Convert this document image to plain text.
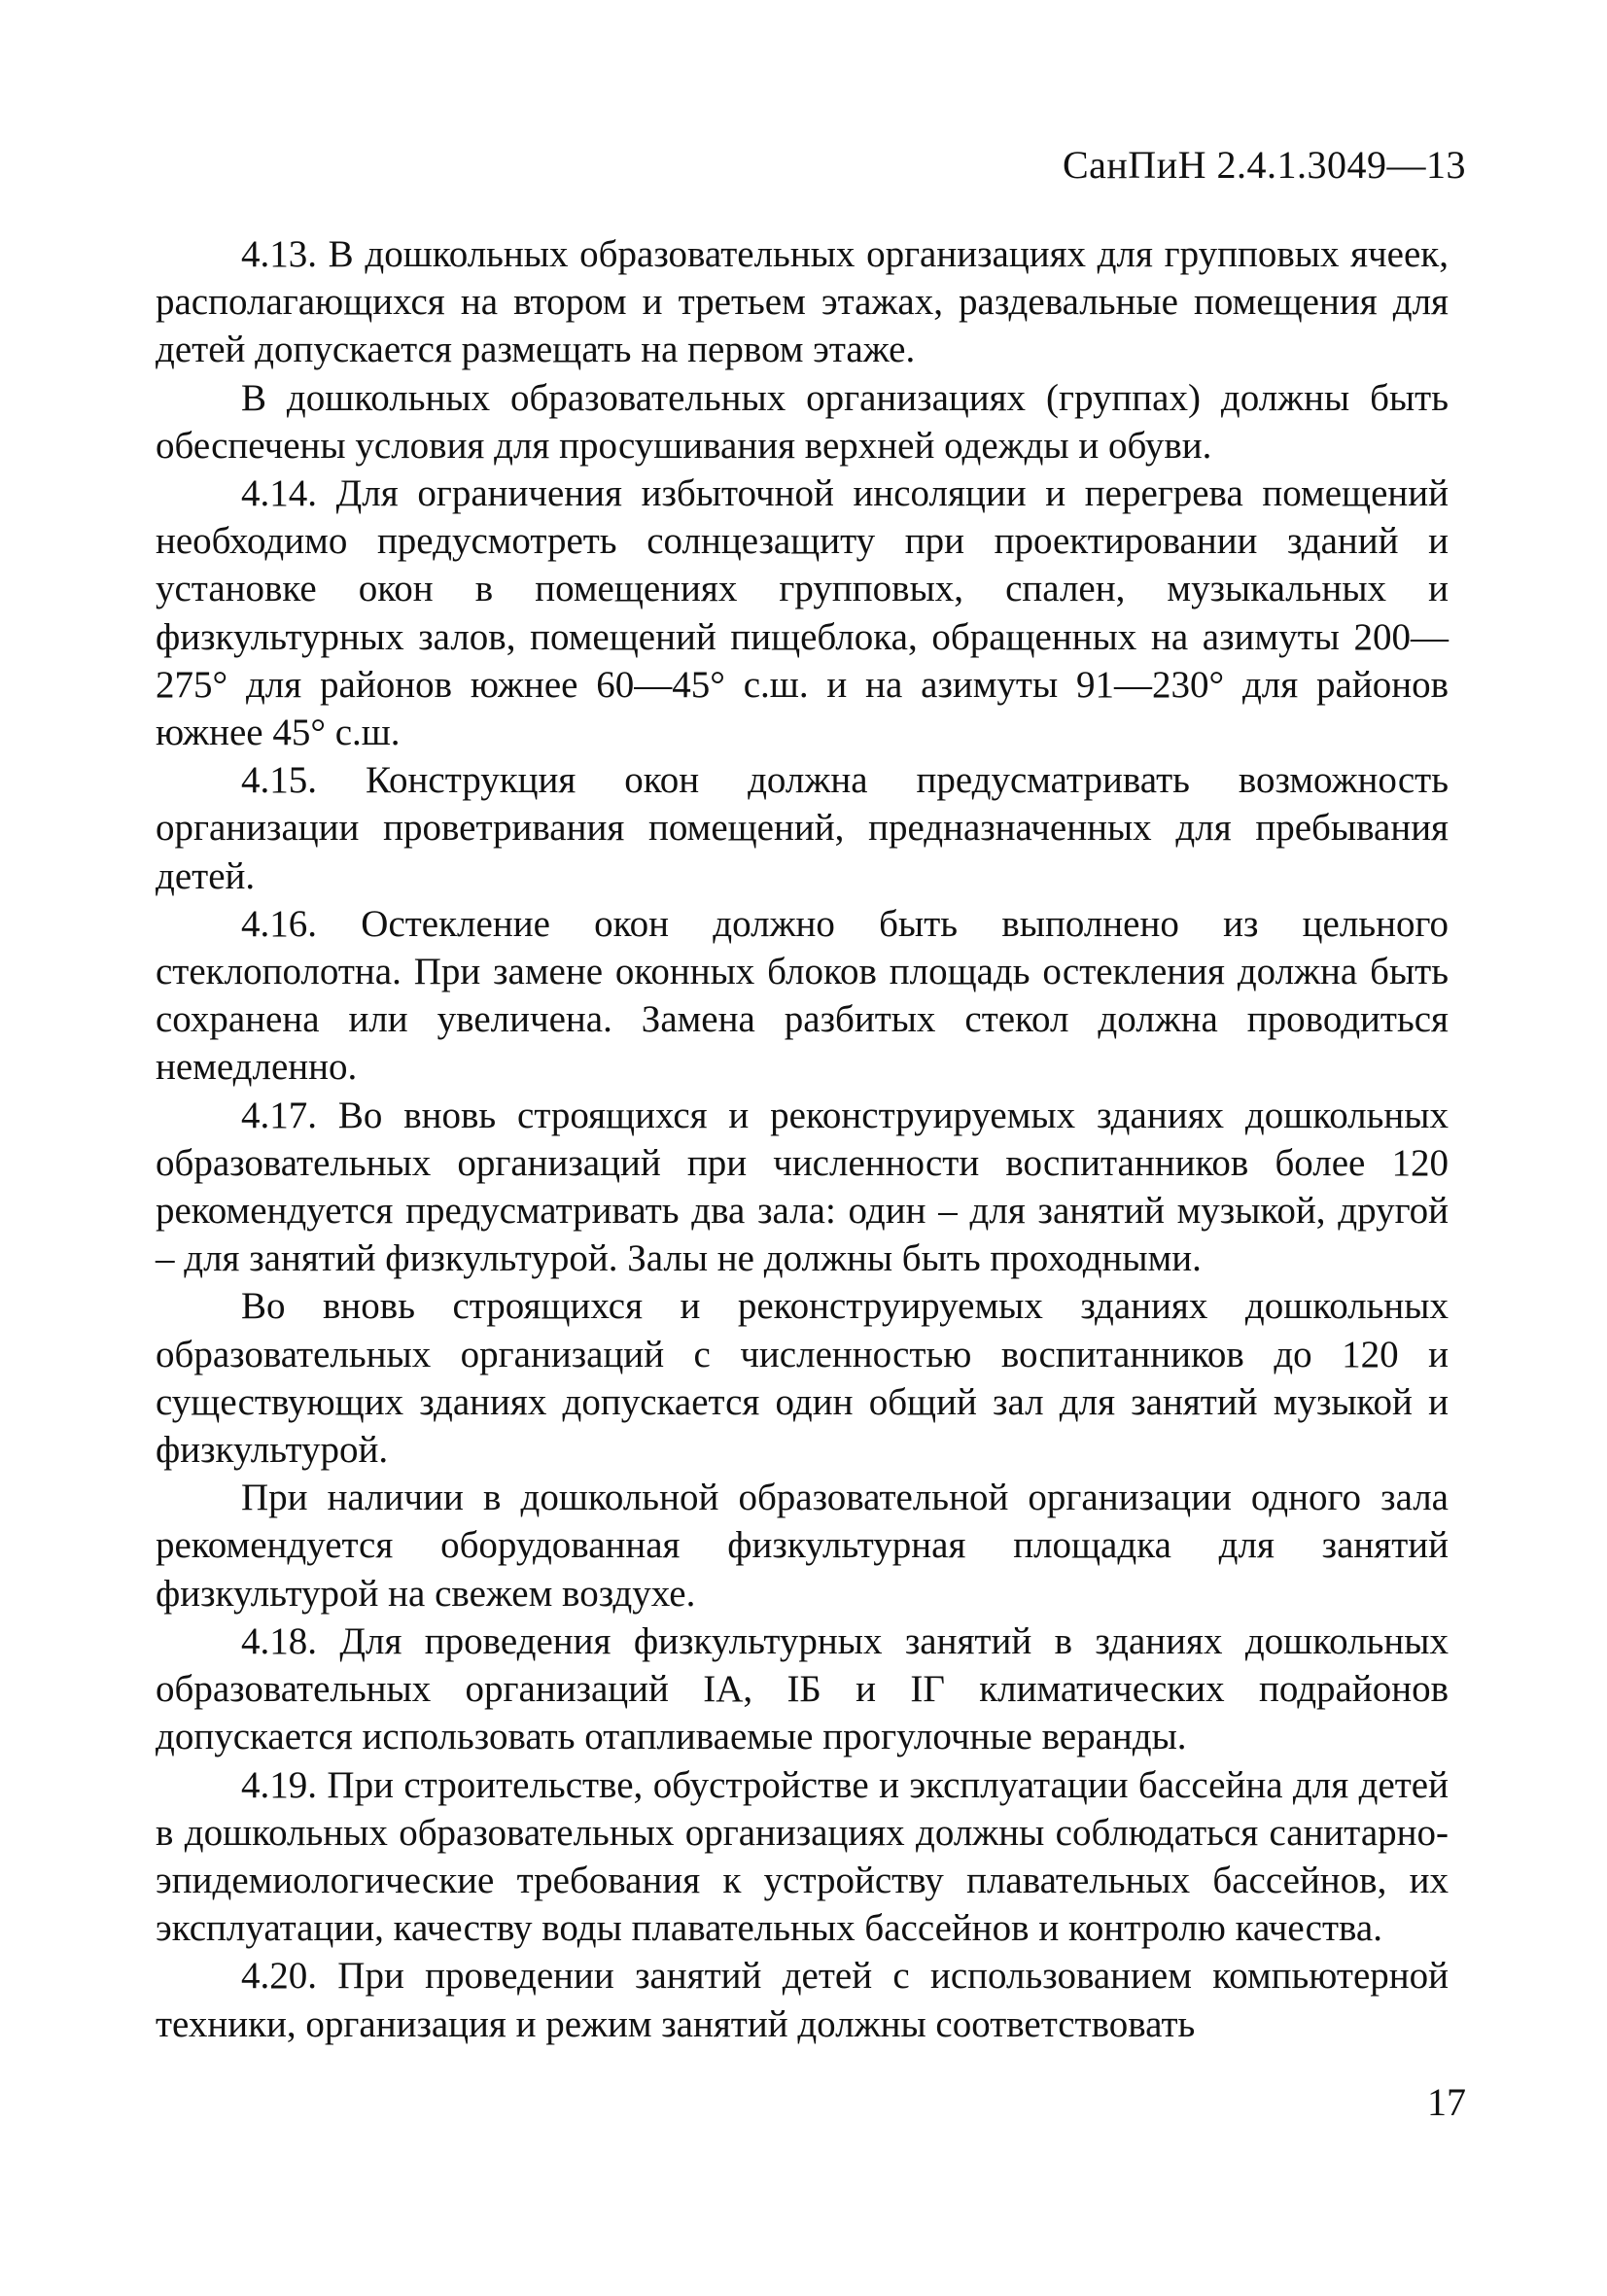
СанПиН 2.4.1.3049—13

4.13. В дошкольных образовательных организациях для групповых ячеек, располагающихся на втором и третьем этажах, раздевальные помещения для детей допускается размещать на первом этаже.

В дошкольных образовательных организациях (группах) должны быть обеспечены условия для просушивания верхней одежды и обуви.

4.14. Для ограничения избыточной инсоляции и перегрева помещений необходимо предусмотреть солнцезащиту при проектировании зданий и установке окон в помещениях групповых, спален, музыкальных и физкультурных залов, помещений пищеблока, обращенных на азимуты 200—275° для районов южнее 60—45° с.ш. и на азимуты 91—230° для районов южнее 45° с.ш.

4.15. Конструкция окон должна предусматривать возможность организации проветривания помещений, предназначенных для пребывания детей.

4.16. Остекление окон должно быть выполнено из цельного стеклополотна. При замене оконных блоков площадь остекления должна быть сохранена или увеличена. Замена разбитых стекол должна проводиться немедленно.

4.17. Во вновь строящихся и реконструируемых зданиях дошкольных образовательных организаций при численности воспитанников более 120 рекомендуется предусматривать два зала: один – для занятий музыкой, другой – для занятий физкультурой. Залы не должны быть проходными.

Во вновь строящихся и реконструируемых зданиях дошкольных образовательных организаций с численностью воспитанников до 120 и существующих зданиях допускается один общий зал для занятий музыкой и физкультурой.

При наличии в дошкольной образовательной организации одного зала рекомендуется оборудованная физкультурная площадка для занятий физкультурой на свежем воздухе.

4.18. Для проведения физкультурных занятий в зданиях дошкольных образовательных организаций IA, IБ и IГ климатических подрайонов допускается использовать отапливаемые прогулочные веранды.

4.19. При строительстве, обустройстве и эксплуатации бассейна для детей в дошкольных образовательных организациях должны соблюдаться санитарно-эпидемиологические требования к устройству плавательных бассейнов, их эксплуатации, качеству воды плавательных бассейнов и контролю качества.

4.20. При проведении занятий детей с использованием компьютерной техники, организация и режим занятий должны соответствовать

17
